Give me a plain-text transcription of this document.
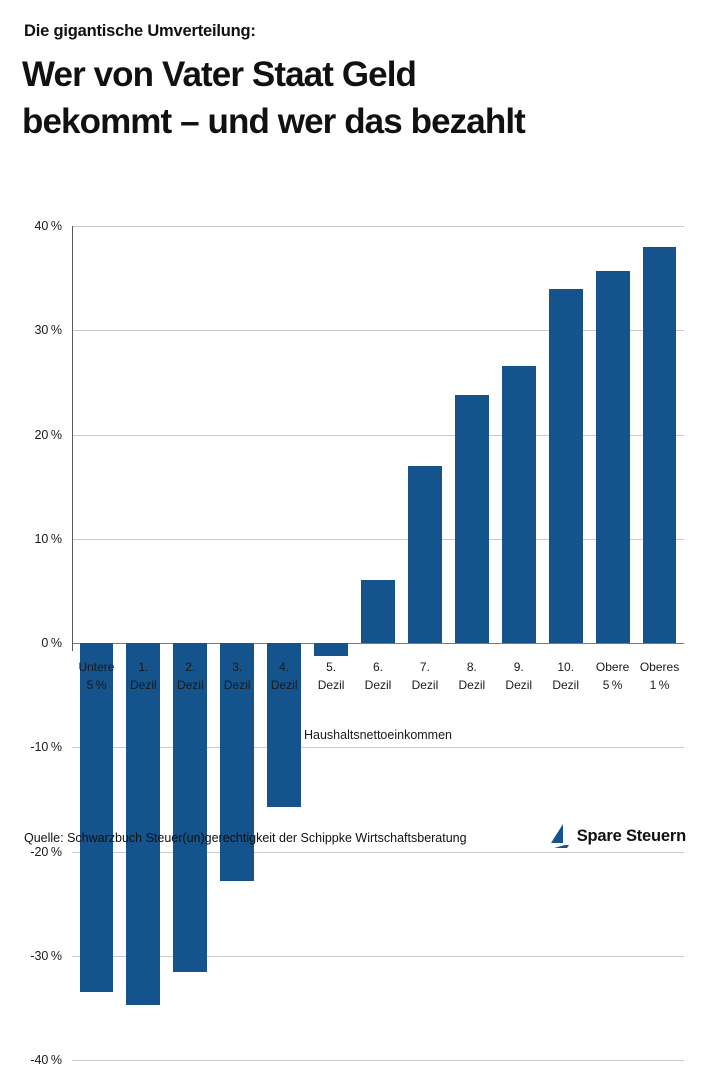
Die gigantische Umverteilung:
Wer von Vater Staat Geld
bekommt – und wer das bezahlt
40 %
30 %
20 %
10 %
0 %
-10 %
-20 %
-30 %
-40 %
Untere
5 %
1.
Dezil
2.
Dezil
3.
Dezil
4.
Dezil
5.
Dezil
6.
Dezil
7.
Dezil
8.
Dezil
9.
Dezil
10.
Dezil
Obere
5 %
Oberes
1 %
Haushaltsnettoeinkommen
Quelle: Schwarzbuch Steuer(un)gerechtigkeit der Schippke Wirtschaftsberatung	Spare Steuern
